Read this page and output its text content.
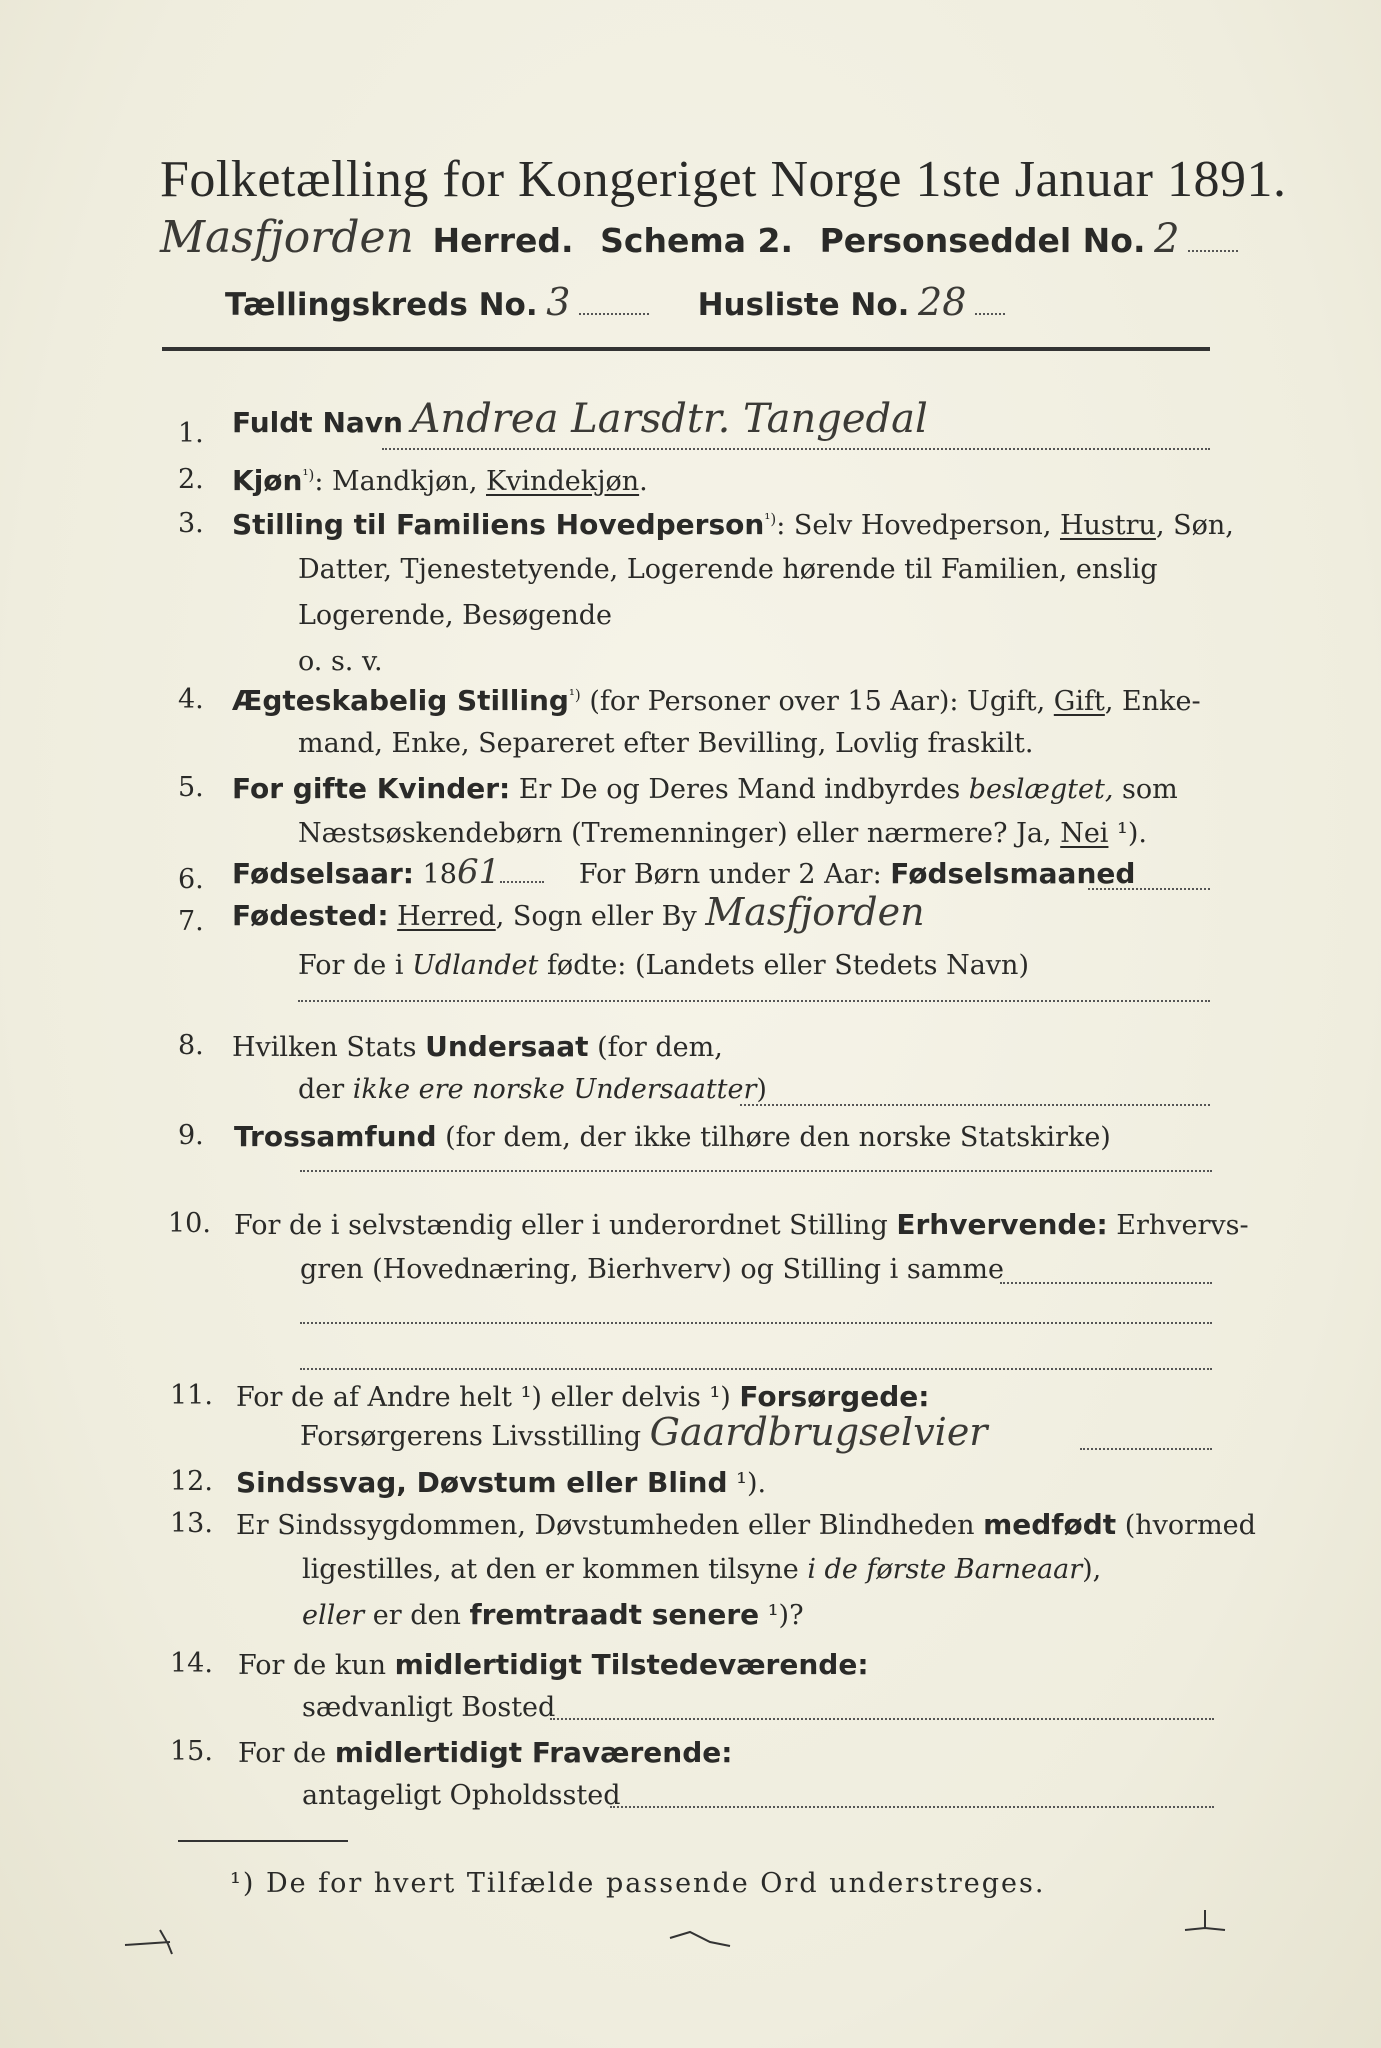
Folketælling for Kongeriget Norge 1ste Januar 1891.
Masfjorden Herred. Schema 2. Personseddel No. 2
Tællingskreds No. 3	Husliste No. 28
1. Fuldt Navn Andrea Larsdtr. Tangedal
2. Kjøn$^{^1)}$: Mandkjøn, Kvindekjøn.
3. Stilling til Familiens Hovedperson$^{^1)}$: Selv Hovedperson, Hustru, Søn,
Datter, Tjenestetyende, Logerende hørende til Familien, enslig
Logerende, Besøgende
o. s. v.
4. Ægteskabelig Stilling$^{^1)}$ (for Personer over 15 Aar): Ugift, Gift, Enke-
mand, Enke, Separeret efter Bevilling, Lovlig fraskilt.
5. For gifte Kvinder: Er De og Deres Mand indbyrdes beslægtet, som
Næstsøskendebørn (Tremenninger) eller nærmere? Ja, Nei ¹).
6. Fødselsaar: 1861	For Børn under 2 Aar: Fødselsmaaned
7. Fødested: Herred, Sogn eller By Masfjorden
For de i Udlandet fødte: (Landets eller Stedets Navn)
8. Hvilken Stats Undersaat (for dem,
der ikke ere norske Undersaatter)
9. Trossamfund (for dem, der ikke tilhøre den norske Statskirke)
10. For de i selvstændig eller i underordnet Stilling Erhvervende: Erhvervs-
gren (Hovednæring, Bierhverv) og Stilling i samme
11. For de af Andre helt ¹) eller delvis ¹) Forsørgede:
Forsørgerens Livsstilling Gaardbrugselvier
12. Sindssvag, Døvstum eller Blind ¹).
13. Er Sindssygdommen, Døvstumheden eller Blindheden medfødt (hvormed
ligestilles, at den er kommen tilsyne i de første Barneaar),
eller er den fremtraadt senere ¹)?
14. For de kun midlertidigt Tilstedeværende:
sædvanligt Bosted
15. For de midlertidigt Fraværende:
antageligt Opholdssted
¹) De for hvert Tilfælde passende Ord understreges.
